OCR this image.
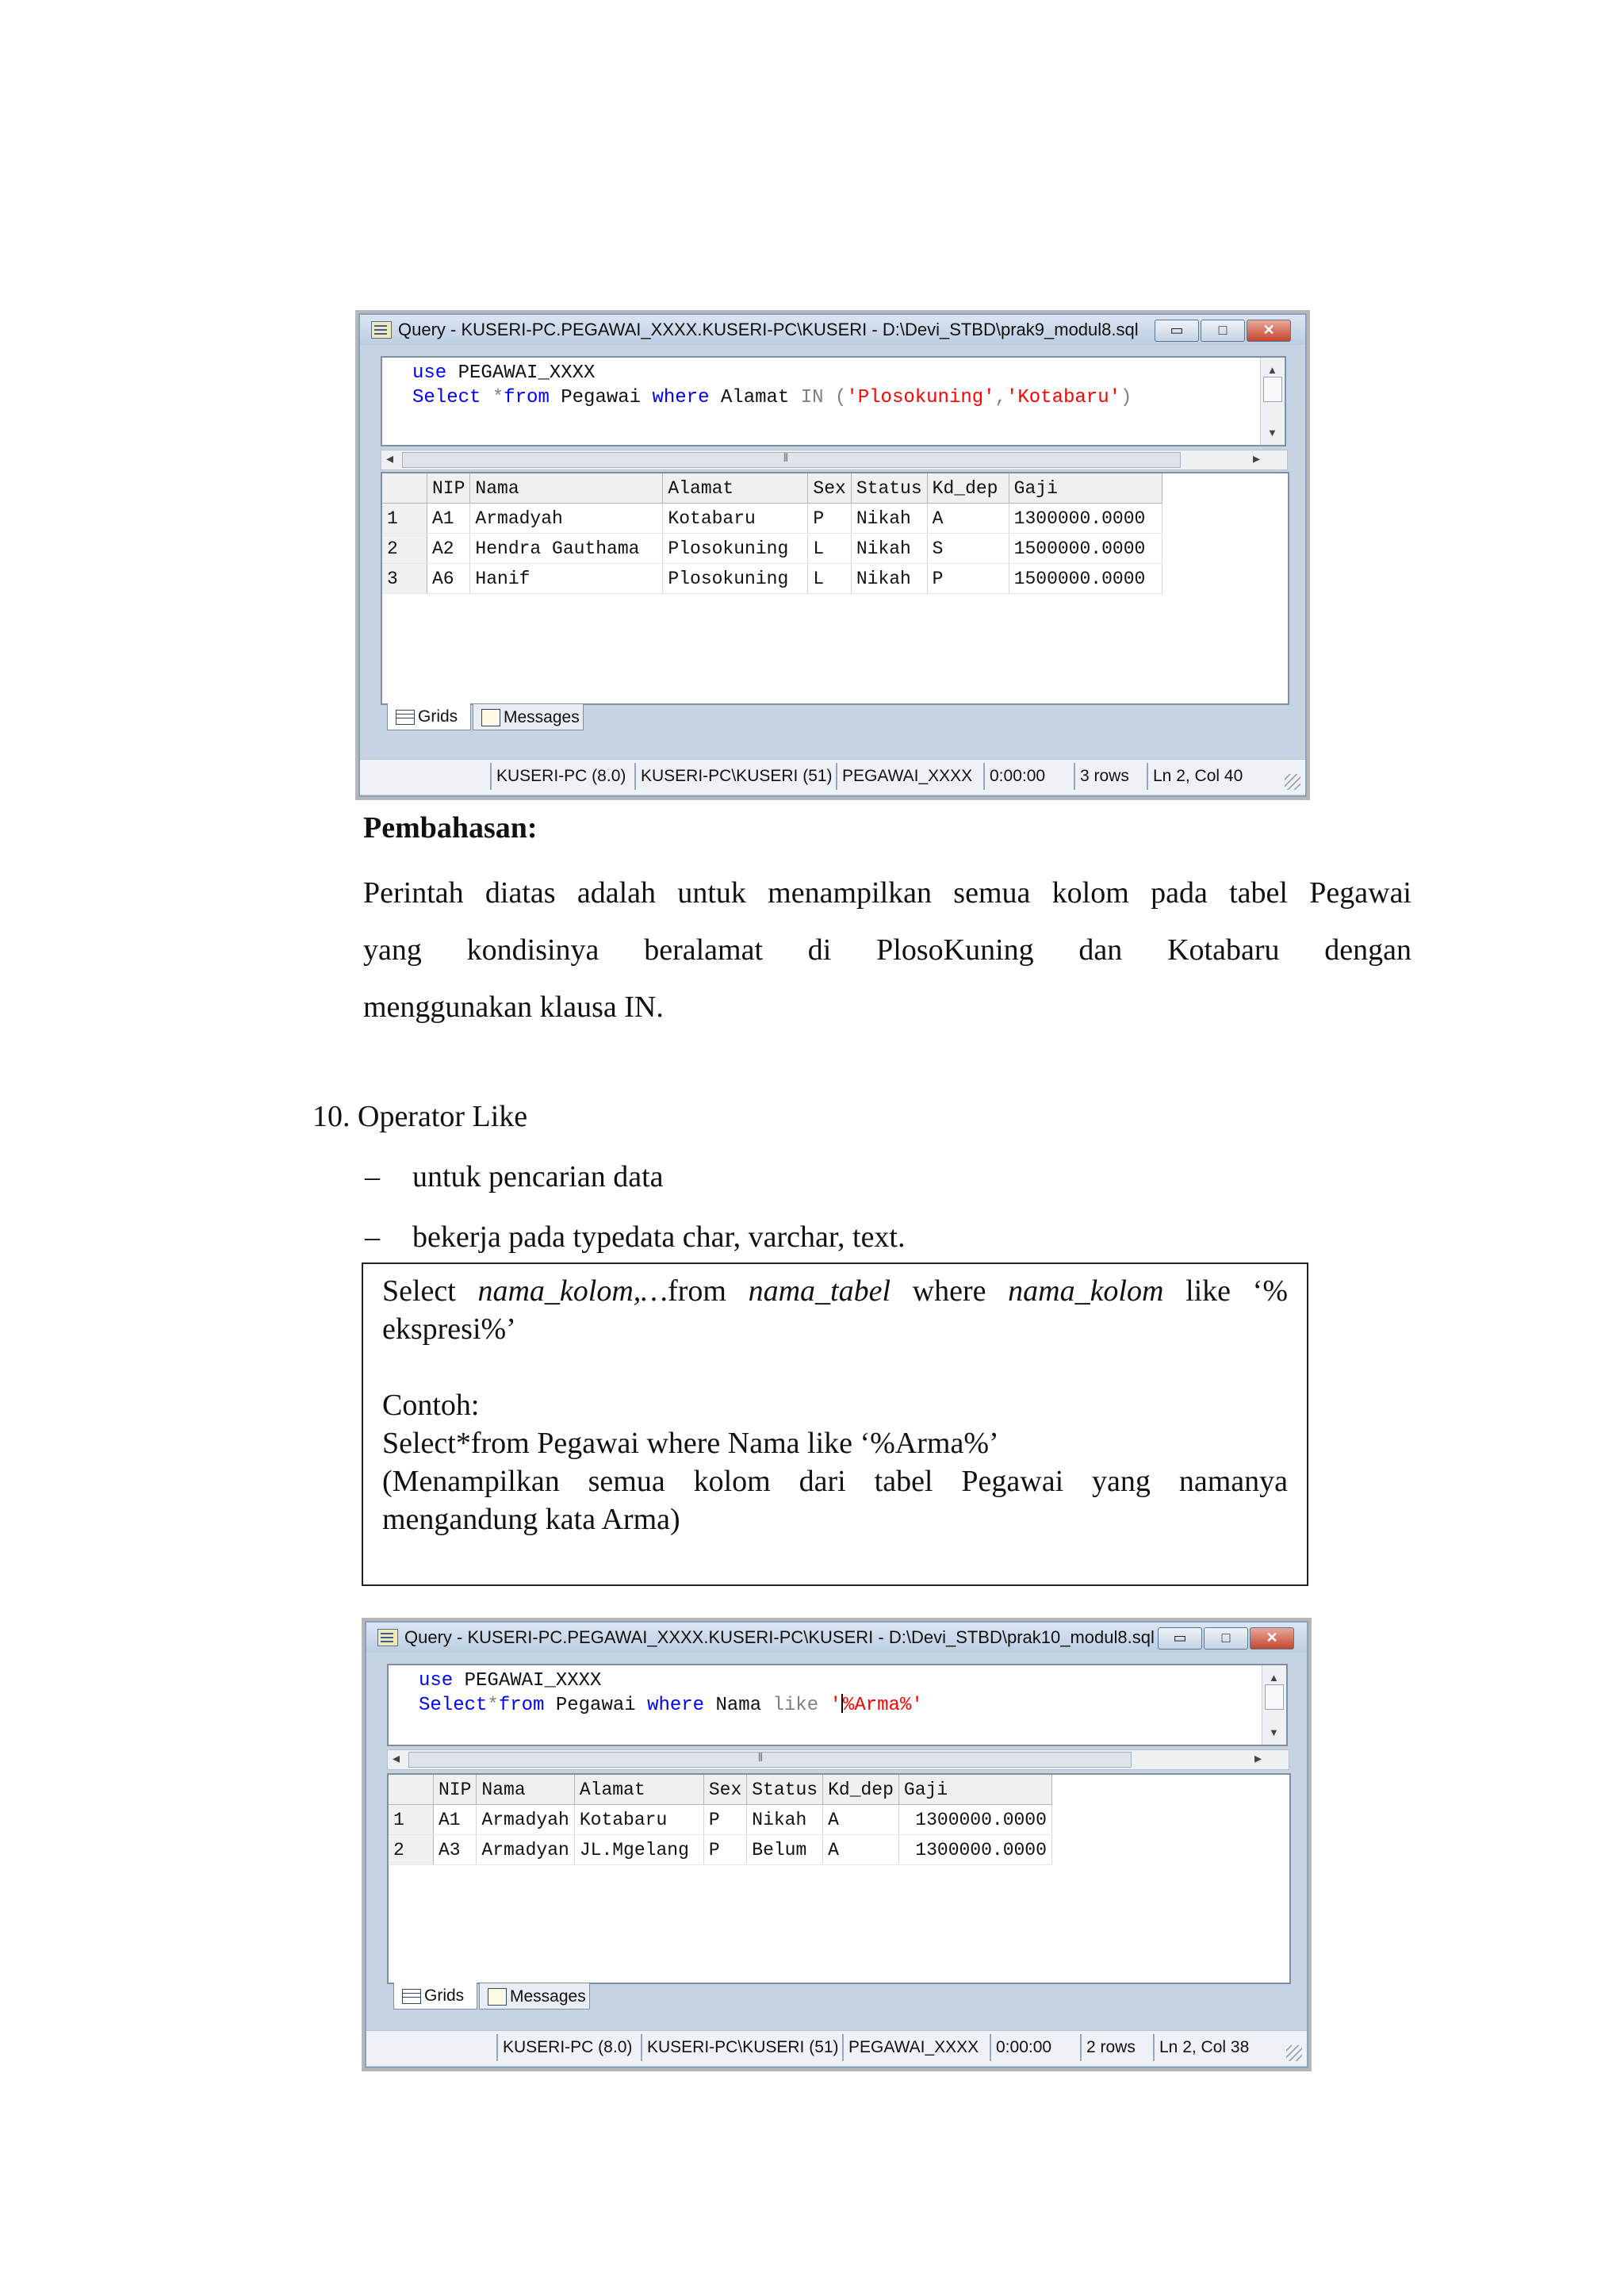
Query - KUSERI-PC.PEGAWAI_XXXX.KUSERI-PC\KUSERI - D:\Devi_STBD\prak9_modul8.sql	▭	□	✕
use PEGAWAI_XXXX
Select *from Pegawai where Alamat IN ('Plosokuning','Kotabaru')
▲
▼
◂	⫴	▸
	NIP	Nama	Alamat	Sex	Status	Kd_dep	Gaji
1	A1	Armadyah	Kotabaru	P	Nikah	A	1300000.0000
2	A2	Hendra Gauthama	Plosokuning	L	Nikah	S	1500000.0000
3	A6	Hanif	Plosokuning	L	Nikah	P	1500000.0000
Grids	Messages
KUSERI-PC (8.0) KUSERI-PC\KUSERI (51) PEGAWAI_XXXX	0:00:00	3 rows	Ln 2, Col 40
Pembahasan:
Perintah diatas adalah untuk menampilkan semua kolom pada tabel Pegawai
yang kondisinya beralamat di PlosoKuning dan Kotabaru dengan
menggunakan klausa IN.
10. Operator Like
– untuk pencarian data
– bekerja pada typedata char, varchar, text.

Select nama_kolom,…from nama_tabel where nama_kolom like ‘%

ekspresi%’

Contoh:

Select*from Pegawai where Nama like ‘%Arma%’

(Menampilkan semua kolom dari tabel Pegawai yang namanya

mengandung kata Arma)

Query - KUSERI-PC.PEGAWAI_XXXX.KUSERI-PC\KUSERI - D:\Devi_STBD\prak10_modul8.sql	▭	□	✕
use PEGAWAI_XXXX
Select*from Pegawai where Nama like '%Arma%'
▲
▼
◂	⫴	▸
	NIP	Nama	Alamat	Sex	Status	Kd_dep	Gaji
1	A1	Armadyah	Kotabaru	P	Nikah	A	1300000.0000
2	A3	Armadyan	JL.Mgelang	P	Belum	A	1300000.0000
Grids	Messages
KUSERI-PC (8.0) KUSERI-PC\KUSERI (51) PEGAWAI_XXXX	0:00:00	2 rows	Ln 2, Col 38
